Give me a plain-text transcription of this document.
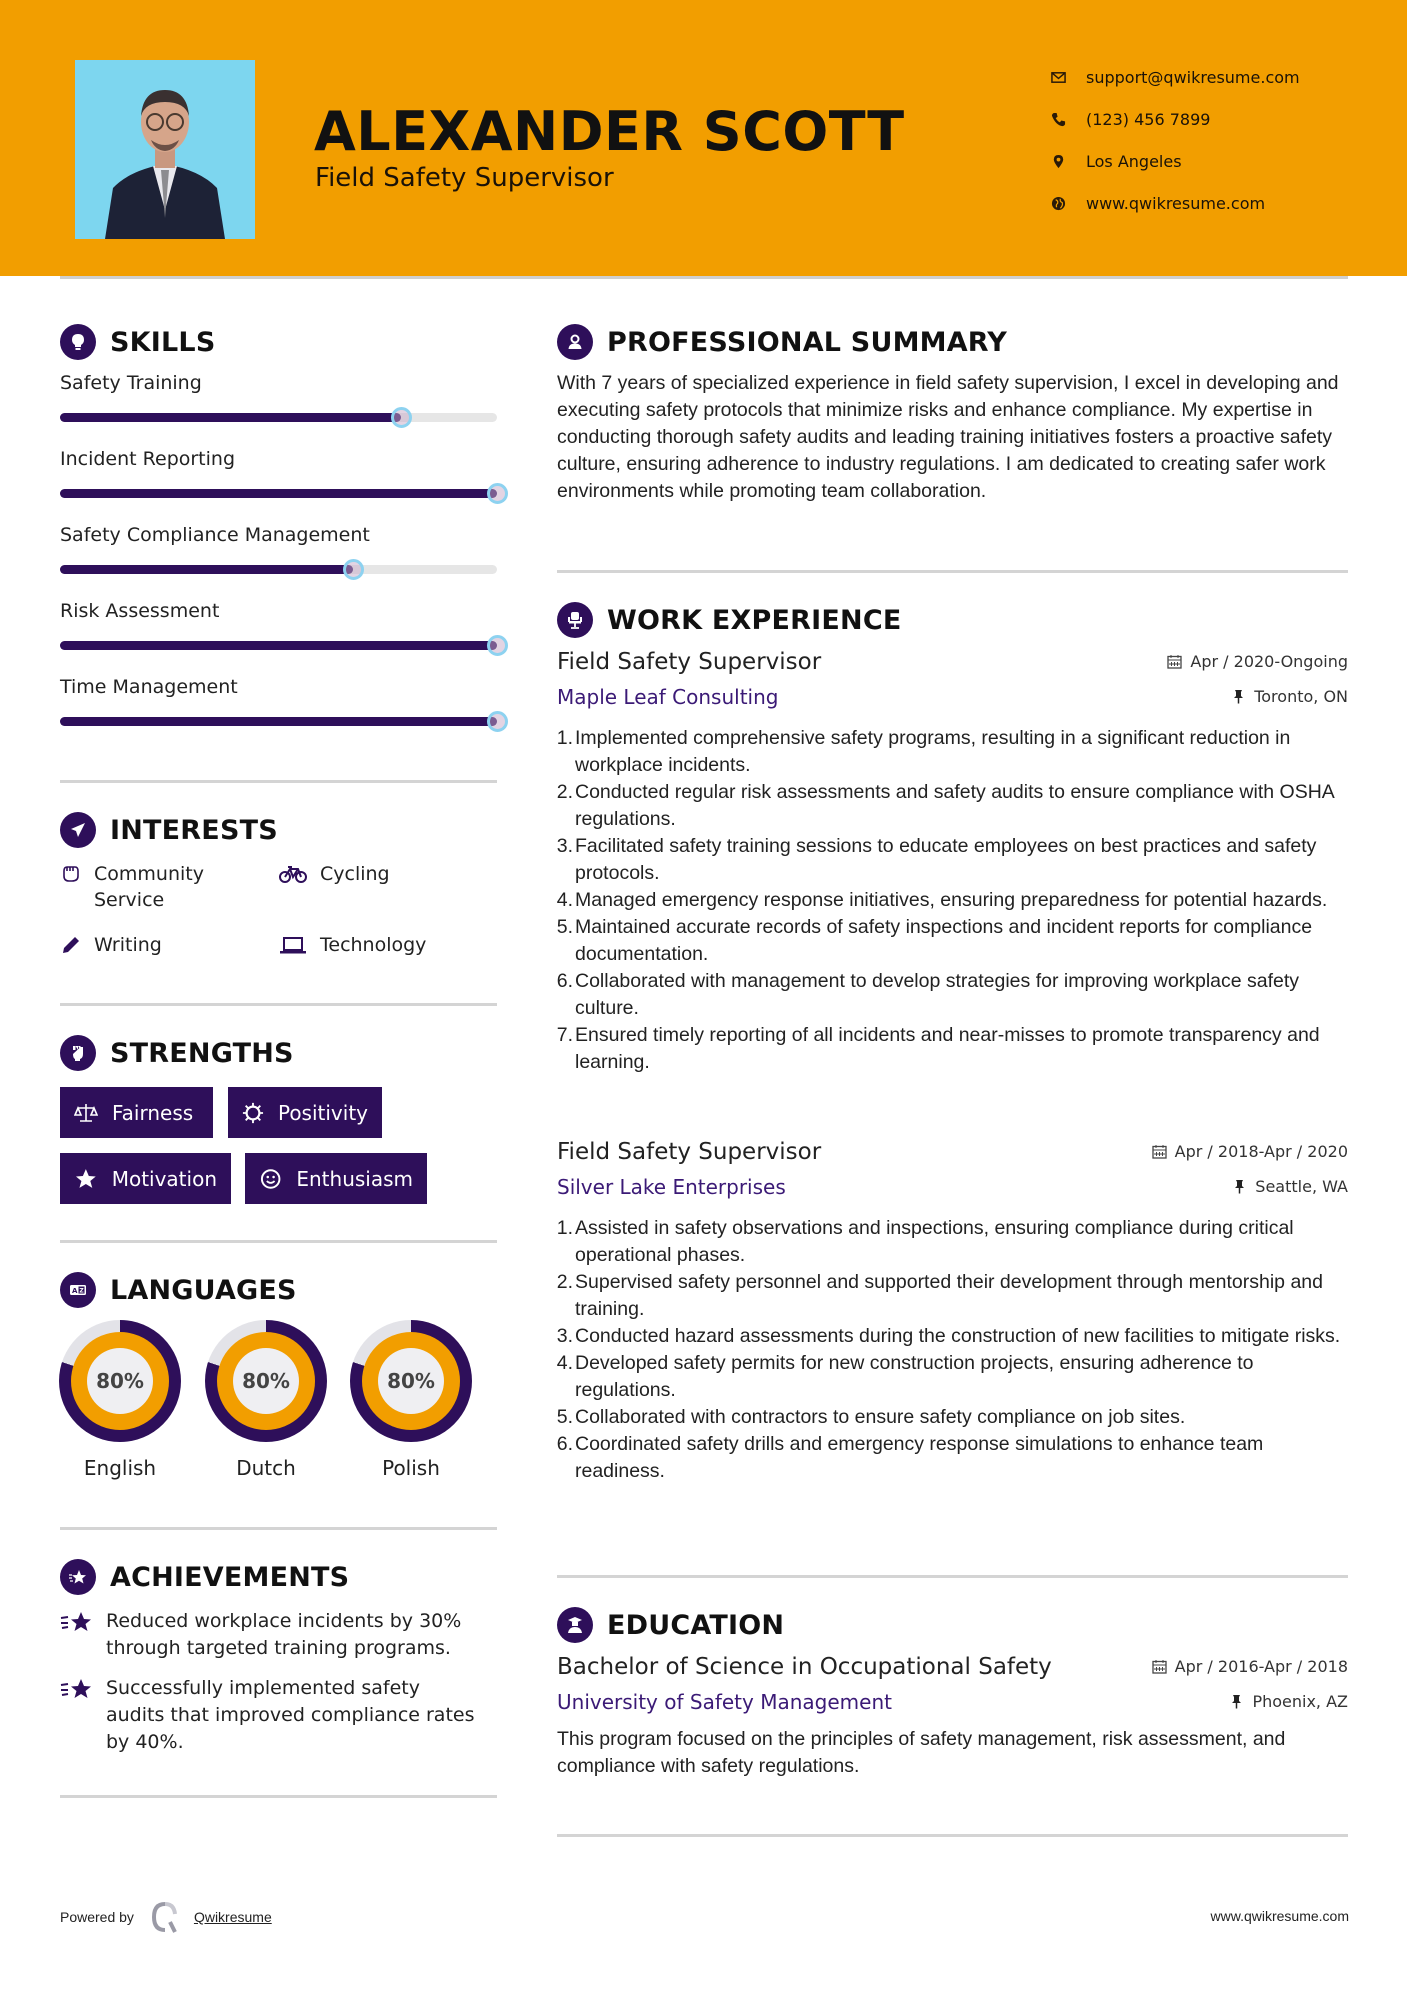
ALEXANDER SCOTT
Field Safety Supervisor
support@qwikresume.com
(123) 456 7899
Los Angeles
www.qwikresume.com
SKILLS
Safety Training
Incident Reporting
Safety Compliance Management
Risk Assessment
Time Management
INTERESTS
Community Service
Cycling
Writing	Technology
STRENGTHS
Fairness	Positivity
Motivation	Enthusiasm
A Z LANGUAGES
80%
English
80%
Dutch
80%
Polish
ACHIEVEMENTS
Reduced workplace incidents by 30% through targeted training programs.
Successfully implemented safety audits that improved compliance rates by 40%.
PROFESSIONAL SUMMARY
With 7 years of specialized experience in field safety supervision, I excel in developing and executing safety protocols that minimize risks and enhance compliance. My expertise in conducting thorough safety audits and leading training initiatives fosters a proactive safety culture, ensuring adherence to industry regulations. I am dedicated to creating safer work environments while promoting team collaboration.
WORK EXPERIENCE
Field Safety Supervisor	Apr / 2020-Ongoing
Maple Leaf Consulting	Toronto, ON
1. Implemented comprehensive safety programs, resulting in a significant reduction in workplace incidents.
2. Conducted regular risk assessments and safety audits to ensure compliance with OSHA regulations.
3. Facilitated safety training sessions to educate employees on best practices and safety protocols.
4. Managed emergency response initiatives, ensuring preparedness for potential hazards.
5. Maintained accurate records of safety inspections and incident reports for compliance documentation.
6. Collaborated with management to develop strategies for improving workplace safety culture.
7. Ensured timely reporting of all incidents and near-misses to promote transparency and learning.
Field Safety Supervisor	Apr / 2018-Apr / 2020
Silver Lake Enterprises	Seattle, WA
1. Assisted in safety observations and inspections, ensuring compliance during critical operational phases.
2. Supervised safety personnel and supported their development through mentorship and training.
3. Conducted hazard assessments during the construction of new facilities to mitigate risks.
4. Developed safety permits for new construction projects, ensuring adherence to regulations.
5. Collaborated with contractors to ensure safety compliance on job sites.
6. Coordinated safety drills and emergency response simulations to enhance team readiness.
EDUCATION
Bachelor of Science in Occupational Safety	Apr / 2016-Apr / 2018
University of Safety Management	Phoenix, AZ
This program focused on the principles of safety management, risk assessment, and compliance with safety regulations.
Powered by	Qwikresume	www.qwikresume.com
